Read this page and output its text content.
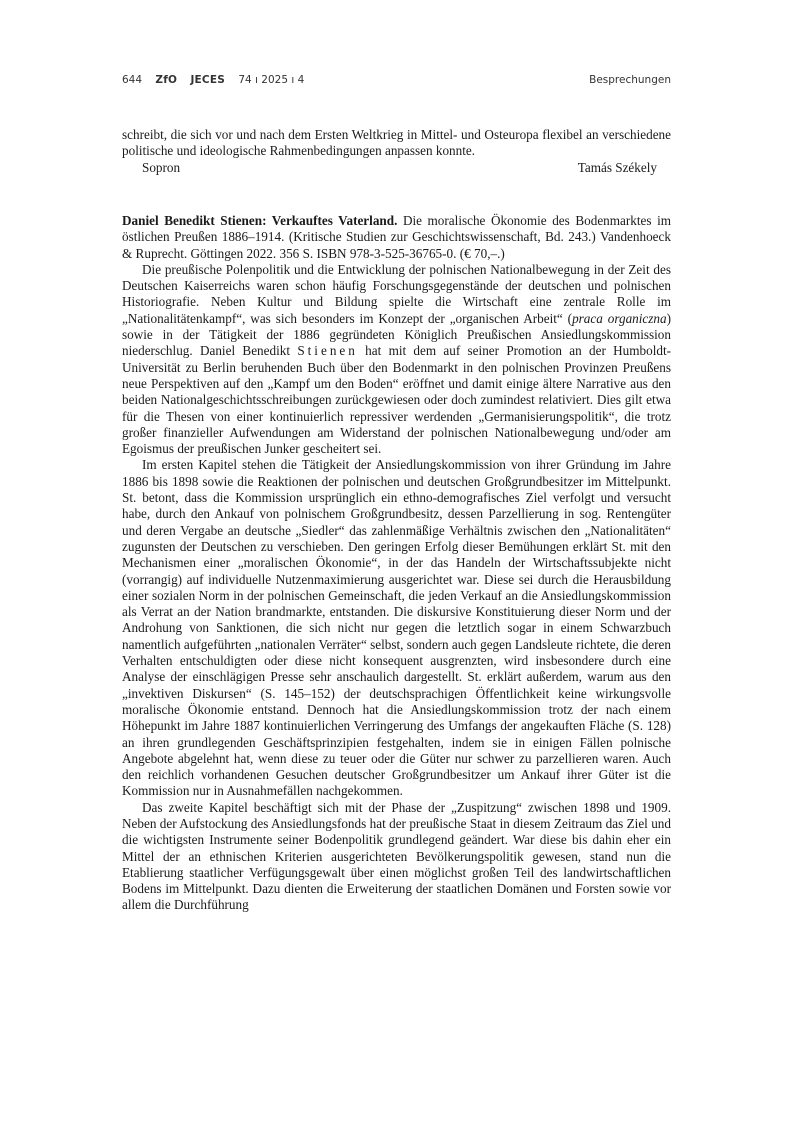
644 ZfO JECES 74 ı 2025 ı 4	Besprechungen

schreibt, die sich vor und nach dem Ersten Weltkrieg in Mittel- und Osteuropa flexibel an verschiedene politische und ideologische Rahmenbedingungen anpassen konnte.

Sopron	Tamás Székely

Daniel Benedikt Stienen: Verkauftes Vaterland. Die moralische Ökonomie des Bodenmarktes im östlichen Preußen 1886–1914. (Kritische Studien zur Geschichtswissenschaft, Bd. 243.) Vandenhoeck & Ruprecht. Göttingen 2022. 356 S. ISBN 978-3-525-36765-0. (€ 70,–.)

Die preußische Polenpolitik und die Entwicklung der polnischen Nationalbewegung in der Zeit des Deutschen Kaiserreichs waren schon häufig Forschungsgegenstände der deutschen und polnischen Historiografie. Neben Kultur und Bildung spielte die Wirtschaft eine zentrale Rolle im „Nationalitätenkampf“, was sich besonders im Konzept der „organischen Arbeit“ (praca organiczna) sowie in der Tätigkeit der 1886 gegründeten Königlich Preußischen Ansiedlungskommission niederschlug. Daniel Benedikt Stienen hat mit dem auf seiner Promotion an der Humboldt-Universität zu Berlin beruhenden Buch über den Bodenmarkt in den polnischen Provinzen Preußens neue Perspektiven auf den „Kampf um den Boden“ eröffnet und damit einige ältere Narrative aus den beiden Nationalgeschichtsschreibungen zurückgewiesen oder doch zumindest relativiert. Dies gilt etwa für die Thesen von einer kontinuierlich repressiver werdenden „Germanisierungspolitik“, die trotz großer finanzieller Aufwendungen am Widerstand der polnischen Nationalbewegung und/oder am Egoismus der preußischen Junker gescheitert sei.

Im ersten Kapitel stehen die Tätigkeit der Ansiedlungskommission von ihrer Gründung im Jahre 1886 bis 1898 sowie die Reaktionen der polnischen und deutschen Großgrundbesitzer im Mittelpunkt. St. betont, dass die Kommission ursprünglich ein ethno-demografisches Ziel verfolgt und versucht habe, durch den Ankauf von polnischem Großgrundbesitz, dessen Parzellierung in sog. Rentengüter und deren Vergabe an deutsche „Siedler“ das zahlenmäßige Verhältnis zwischen den „Nationalitäten“ zugunsten der Deutschen zu verschieben. Den geringen Erfolg dieser Bemühungen erklärt St. mit den Mechanismen einer „moralischen Ökonomie“, in der das Handeln der Wirtschaftssubjekte nicht (vorrangig) auf individuelle Nutzenmaximierung ausgerichtet war. Diese sei durch die Herausbildung einer sozialen Norm in der polnischen Gemeinschaft, die jeden Verkauf an die Ansiedlungskommission als Verrat an der Nation brandmarkte, entstanden. Die diskursive Konstituierung dieser Norm und der Androhung von Sanktionen, die sich nicht nur gegen die letztlich sogar in einem Schwarzbuch namentlich aufgeführten „nationalen Verräter“ selbst, sondern auch gegen Landsleute richtete, die deren Verhalten entschuldigten oder diese nicht konsequent ausgrenzten, wird insbesondere durch eine Analyse der einschlägigen Presse sehr anschaulich dargestellt. St. erklärt außerdem, warum aus den „invektiven Diskursen“ (S. 145–152) der deutschsprachigen Öffentlichkeit keine wirkungsvolle moralische Ökonomie entstand. Dennoch hat die Ansiedlungskommission trotz der nach einem Höhepunkt im Jahre 1887 kontinuierlichen Verringerung des Umfangs der angekauften Fläche (S. 128) an ihren grundlegenden Geschäftsprinzipien festgehalten, indem sie in einigen Fällen polnische Angebote abgelehnt hat, wenn diese zu teuer oder die Güter nur schwer zu parzellieren waren. Auch den reichlich vorhandenen Gesuchen deutscher Großgrundbesitzer um Ankauf ihrer Güter ist die Kommission nur in Ausnahmefällen nachgekommen.

Das zweite Kapitel beschäftigt sich mit der Phase der „Zuspitzung“ zwischen 1898 und 1909. Neben der Aufstockung des Ansiedlungsfonds hat der preußische Staat in diesem Zeitraum das Ziel und die wichtigsten Instrumente seiner Bodenpolitik grundlegend geändert. War diese bis dahin eher ein Mittel der an ethnischen Kriterien ausgerichteten Bevölkerungspolitik gewesen, stand nun die Etablierung staatlicher Verfügungsgewalt über einen möglichst großen Teil des landwirtschaftlichen Bodens im Mittelpunkt. Dazu dienten die Erweiterung der staatlichen Domänen und Forsten sowie vor allem die Durchführung
